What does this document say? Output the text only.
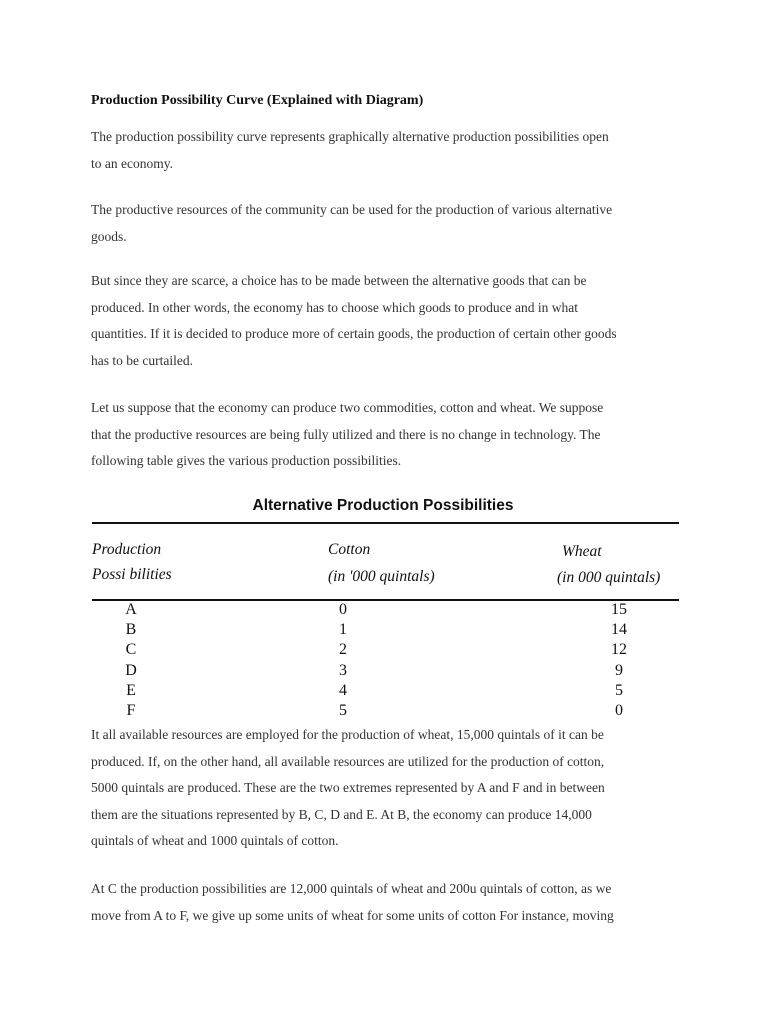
Production Possibility Curve (Explained with Diagram)
The production possibility curve represents graphically alternative production possibilities open
to an economy.
The productive resources of the community can be used for the production of various alternative
goods.
But since they are scarce, a choice has to be made between the alternative goods that can be
produced. In other words, the economy has to choose which goods to produce and in what
quantities. If it is decided to produce more of certain goods, the production of certain other goods
has to be curtailed.
Let us suppose that the economy can produce two commodities, cotton and wheat. We suppose
that the productive resources are being fully utilized and there is no change in technology. The
following table gives the various production possibilities.
Alternative Production Possibilities
Production
Possi bilities
Cotton
(in '000 quintals)
Wheat
(in 000 quintals)
A
B
C
D
E
F
0
1
2
3
4
5
15
14
12
9
5
0
It all available resources are employed for the production of wheat, 15,000 quintals of it can be
produced. If, on the other hand, all available resources are utilized for the production of cotton,
5000 quintals are produced. These are the two extremes represented by A and F and in between
them are the situations represented by B, C, D and E. At B, the economy can produce 14,000
quintals of wheat and 1000 quintals of cotton.
At C the production possibilities are 12,000 quintals of wheat and 200u quintals of cotton, as we
move from A to F, we give up some units of wheat for some units of cotton For instance, moving
